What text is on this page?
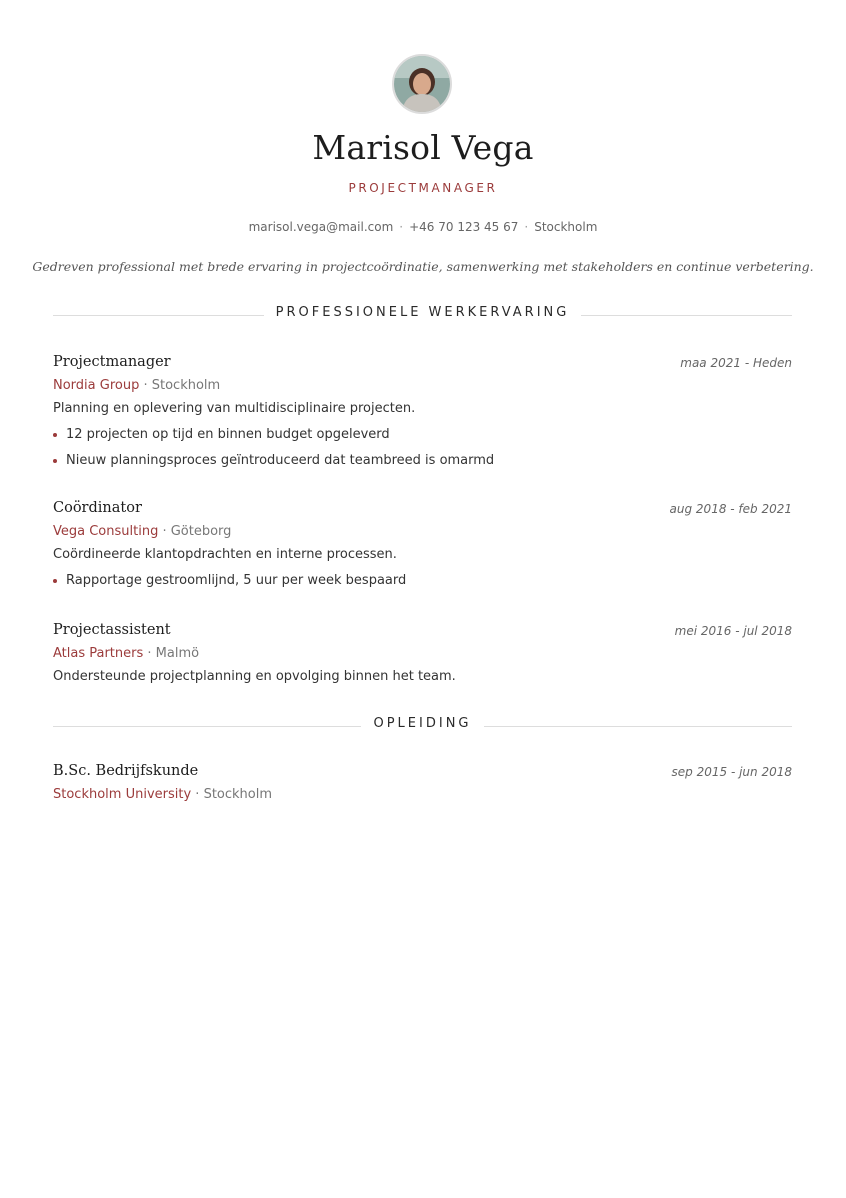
Marisol Vega
PROJECTMANAGER
marisol.vega@mail.com · +46 70 123 45 67 · Stockholm
Gedreven professional met brede ervaring in projectcoördinatie, samenwerking met stakeholders en continue verbetering.
PROFESSIONELE WERKERVARING
Projectmanager	maa 2021 - Heden
Nordia Group · Stockholm
Planning en oplevering van multidisciplinaire projecten.
12 projecten op tijd en binnen budget opgeleverd
Nieuw planningsproces geïntroduceerd dat teambreed is omarmd
Coördinator	aug 2018 - feb 2021
Vega Consulting · Göteborg
Coördineerde klantopdrachten en interne processen.
Rapportage gestroomlijnd, 5 uur per week bespaard
Projectassistent	mei 2016 - jul 2018
Atlas Partners · Malmö
Ondersteunde projectplanning en opvolging binnen het team.
OPLEIDING
B.Sc. Bedrijfskunde	sep 2015 - jun 2018
Stockholm University · Stockholm
